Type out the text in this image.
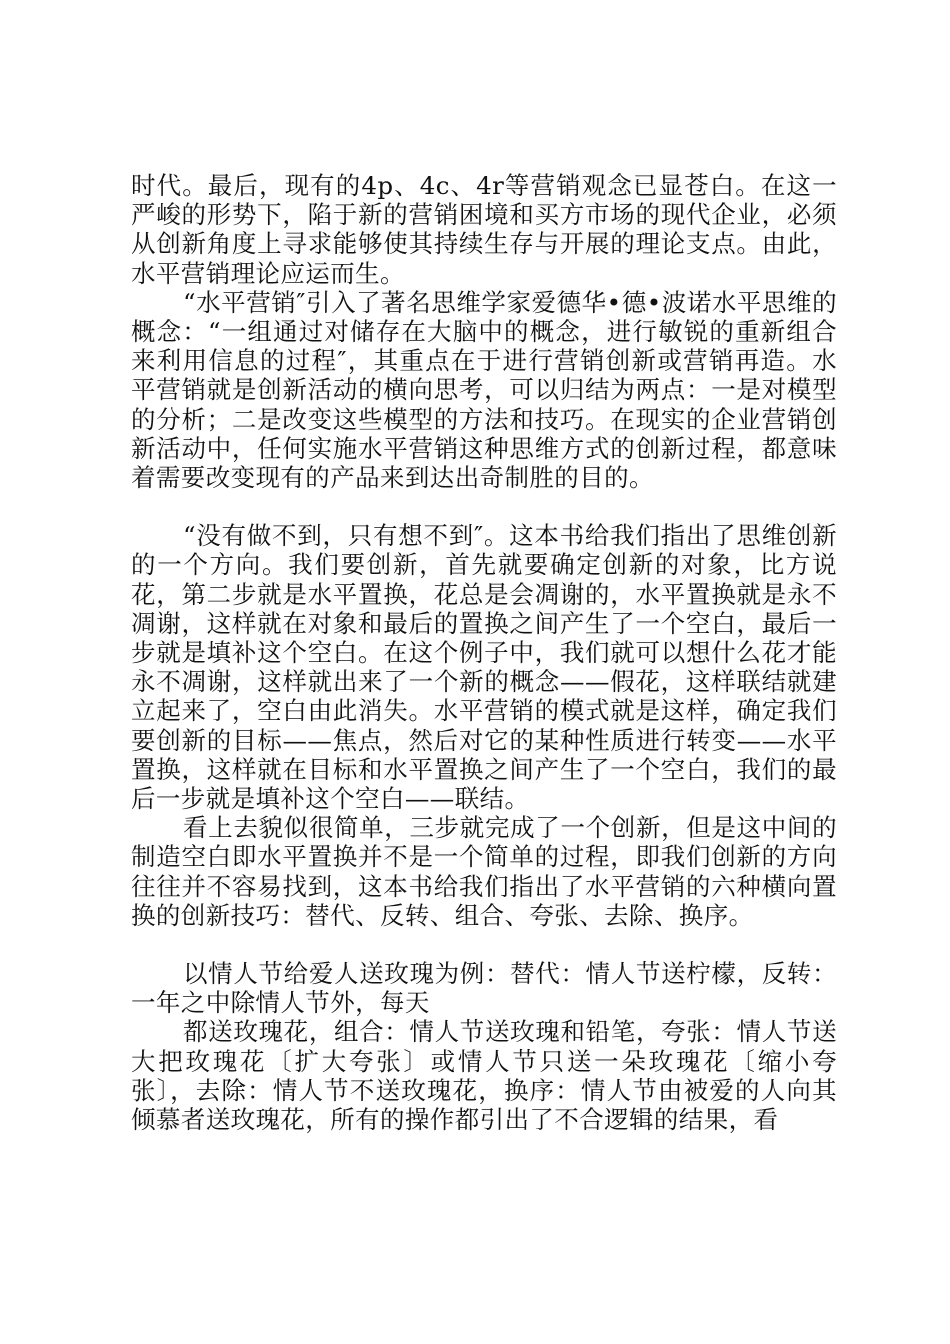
时代。最后，现有的4p、4c、4r等营销观念已显苍白。在这一严峻的形势下，陷于新的营销困境和买方市场的现代企业，必须从创新角度上寻求能够使其持续生存与开展的理论支点。由此，水平营销理论应运而生。

“水平营销″引入了著名思维学家爱德华•德•波诺水平思维的概念：“一组通过对储存在大脑中的概念，进行敏锐的重新组合来利用信息的过程″，其重点在于进行营销创新或营销再造。水平营销就是创新活动的横向思考，可以归结为两点：一是对模型的分析；二是改变这些模型的方法和技巧。在现实的企业营销创新活动中，任何实施水平营销这种思维方式的创新过程，都意味着需要改变现有的产品来到达出奇制胜的目的。

“没有做不到，只有想不到″。这本书给我们指出了思维创新的一个方向。我们要创新，首先就要确定创新的对象，比方说花，第二步就是水平置换，花总是会凋谢的，水平置换就是永不凋谢，这样就在对象和最后的置换之间产生了一个空白，最后一步就是填补这个空白。在这个例子中，我们就可以想什么花才能永不凋谢，这样就出来了一个新的概念——假花，这样联结就建立起来了，空白由此消失。水平营销的模式就是这样，确定我们要创新的目标——焦点，然后对它的某种性质进行转变——水平置换，这样就在目标和水平置换之间产生了一个空白，我们的最后一步就是填补这个空白——联结。

看上去貌似很简单，三步就完成了一个创新，但是这中间的制造空白即水平置换并不是一个简单的过程，即我们创新的方向往往并不容易找到，这本书给我们指出了水平营销的六种横向置换的创新技巧：替代、反转、组合、夸张、去除、换序。

以情人节给爱人送玫瑰为例：替代：情人节送柠檬，反转：一年之中除情人节外，每天

都送玫瑰花，组合：情人节送玫瑰和铅笔，夸张：情人节送大把玫瑰花〔扩大夸张〕或情人节只送一朵玫瑰花〔缩小夸张〕，去除：情人节不送玫瑰花，换序：情人节由被爱的人向其倾慕者送玫瑰花，所有的操作都引出了不合逻辑的结果，看
